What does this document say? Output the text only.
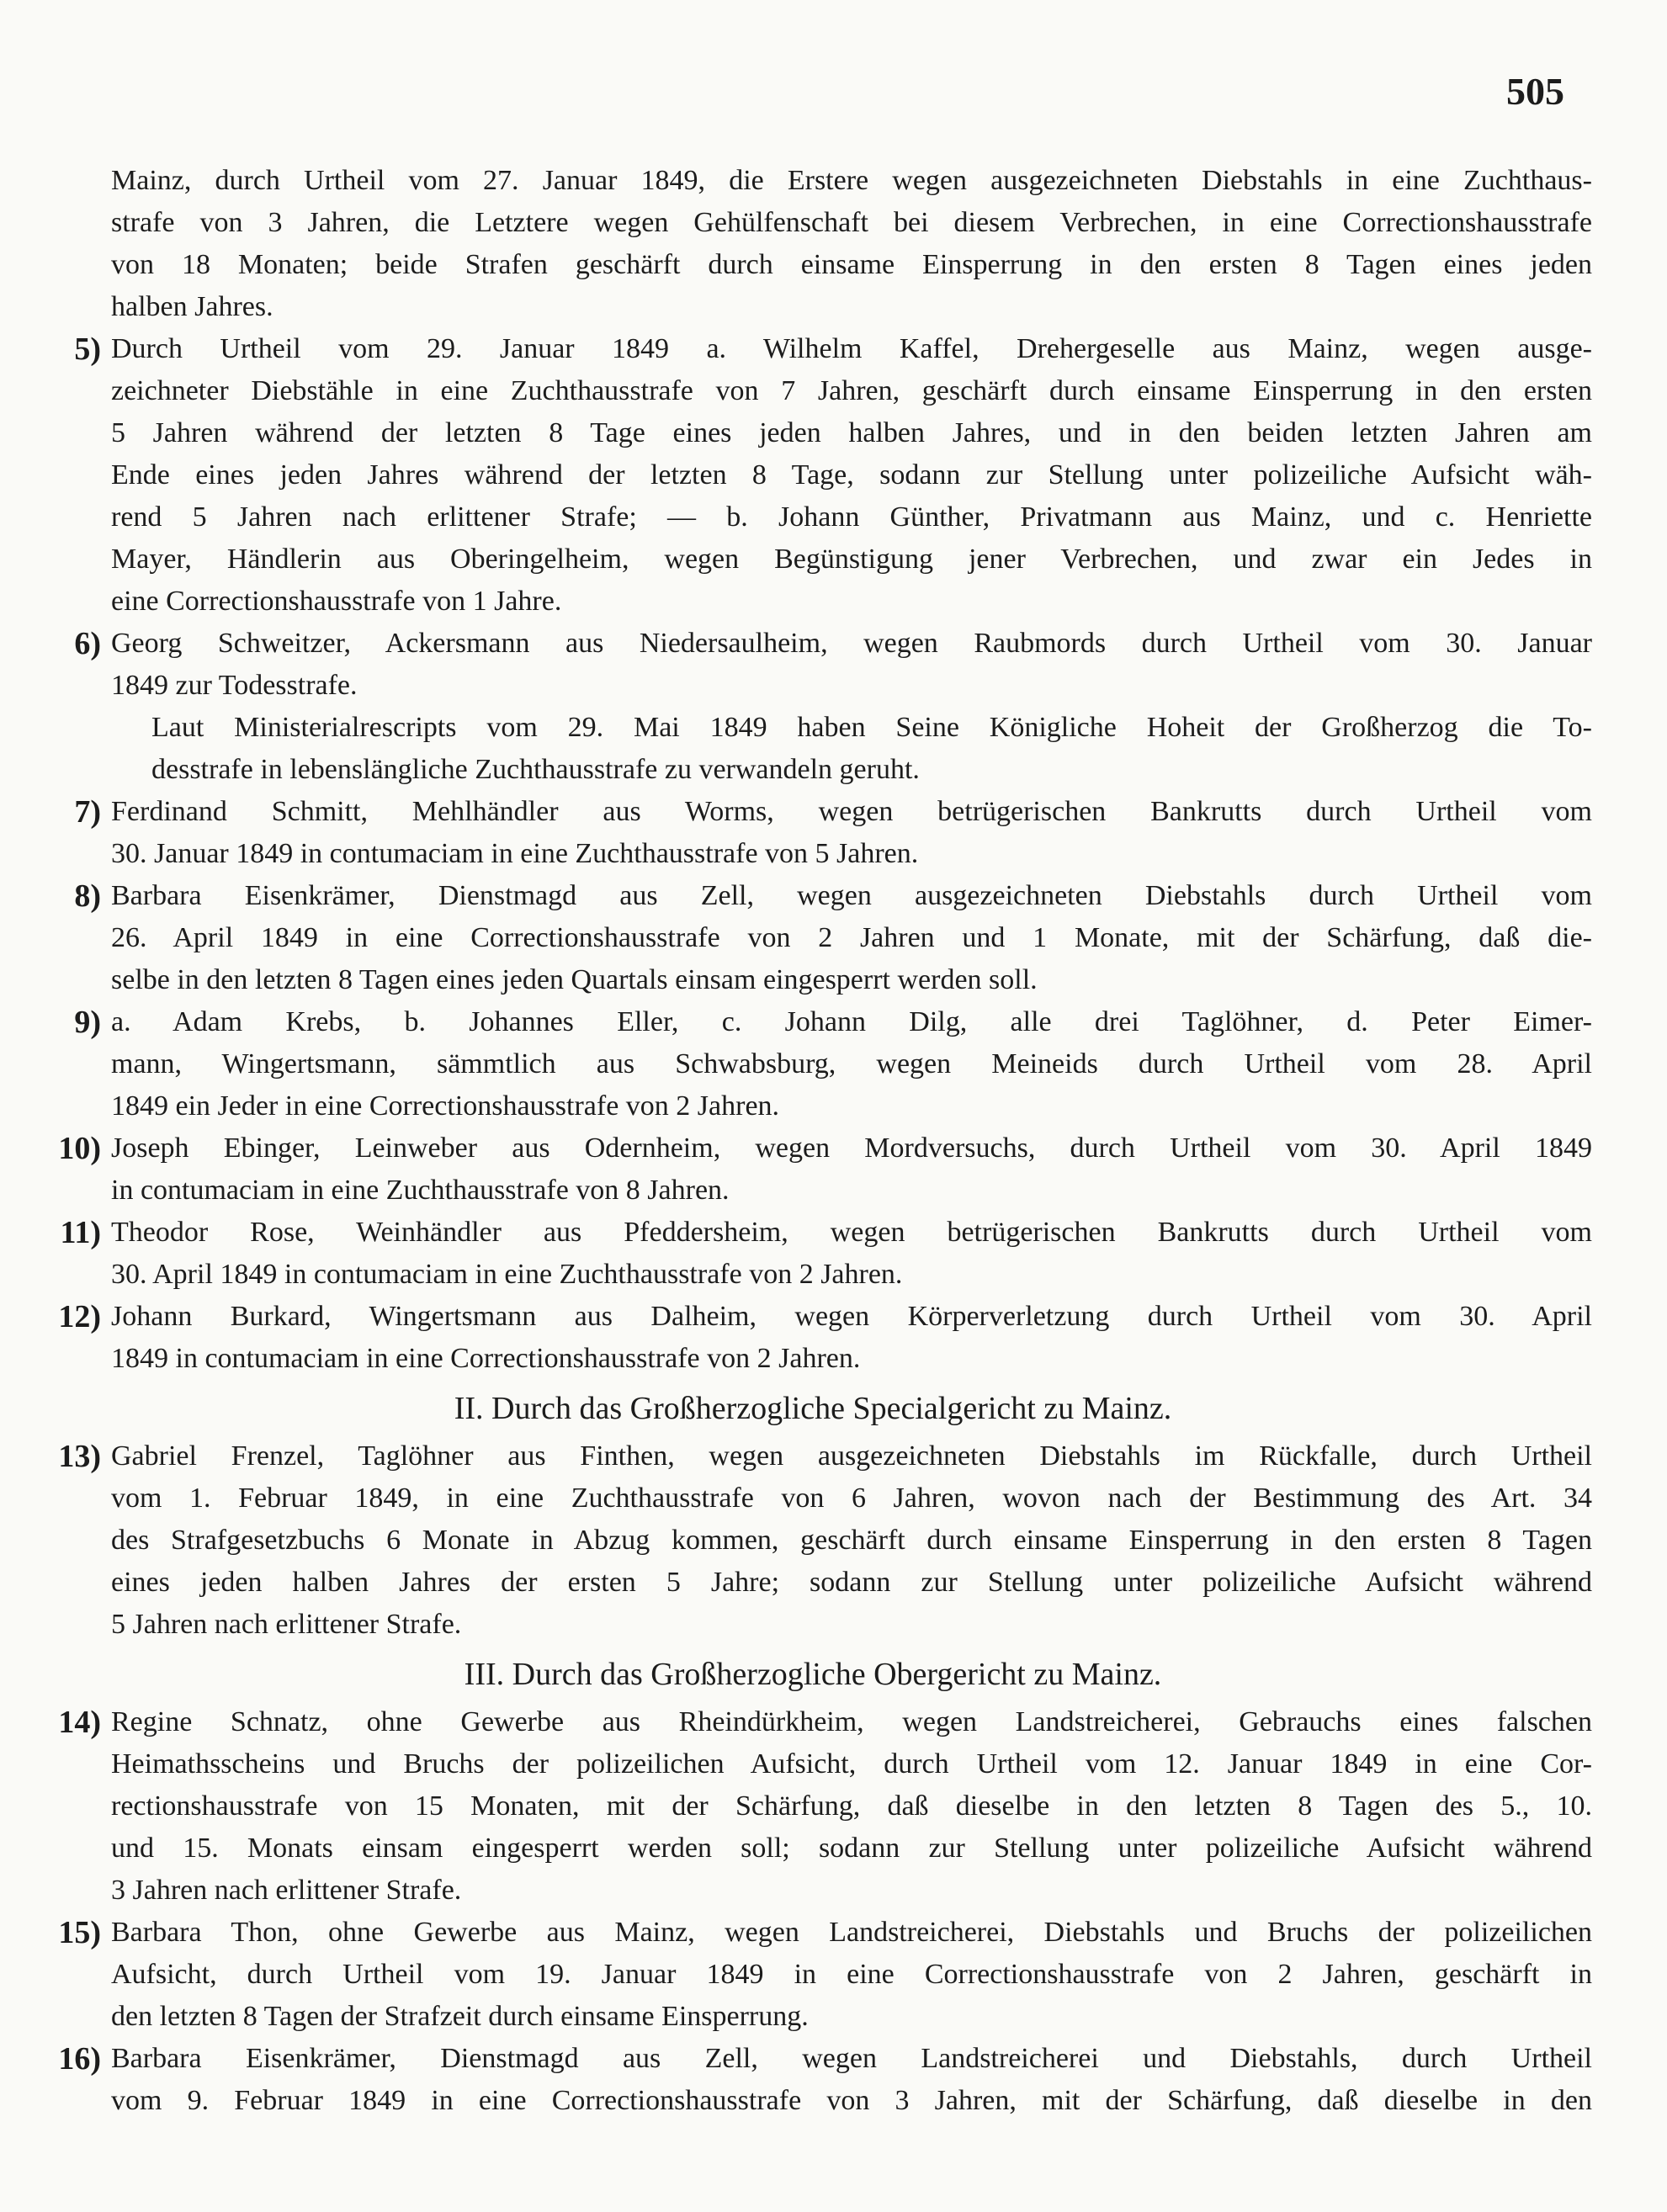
505
Mainz, durch Urtheil vom 27. Januar 1849, die Erstere wegen ausgezeichneten Diebstahls in eine Zuchthaus-
strafe von 3 Jahren, die Letztere wegen Gehülfenschaft bei diesem Verbrechen, in eine Correctionshausstrafe
von 18 Monaten; beide Strafen geschärft durch einsame Einsperrung in den ersten 8 Tagen eines jeden
halben Jahres.
5) Durch Urtheil vom 29. Januar 1849 a. Wilhelm Kaffel, Drehergeselle aus Mainz, wegen ausge-
zeichneter Diebstähle in eine Zuchthausstrafe von 7 Jahren, geschärft durch einsame Einsperrung in den ersten
5 Jahren während der letzten 8 Tage eines jeden halben Jahres, und in den beiden letzten Jahren am
Ende eines jeden Jahres während der letzten 8 Tage, sodann zur Stellung unter polizeiliche Aufsicht wäh-
rend 5 Jahren nach erlittener Strafe; — b. Johann Günther, Privatmann aus Mainz, und c. Henriette
Mayer, Händlerin aus Oberingelheim, wegen Begünstigung jener Verbrechen, und zwar ein Jedes in
eine Correctionshausstrafe von 1 Jahre.
6) Georg Schweitzer, Ackersmann aus Niedersaulheim, wegen Raubmords durch Urtheil vom 30. Januar
1849 zur Todesstrafe.
Laut Ministerialrescripts vom 29. Mai 1849 haben Seine Königliche Hoheit der Großherzog die To-
desstrafe in lebenslängliche Zuchthausstrafe zu verwandeln geruht.
7) Ferdinand Schmitt, Mehlhändler aus Worms, wegen betrügerischen Bankrutts durch Urtheil vom
30. Januar 1849 in contumaciam in eine Zuchthausstrafe von 5 Jahren.
8) Barbara Eisenkrämer, Dienstmagd aus Zell, wegen ausgezeichneten Diebstahls durch Urtheil vom
26. April 1849 in eine Correctionshausstrafe von 2 Jahren und 1 Monate, mit der Schärfung, daß die-
selbe in den letzten 8 Tagen eines jeden Quartals einsam eingesperrt werden soll.
9) a. Adam Krebs, b. Johannes Eller, c. Johann Dilg, alle drei Taglöhner, d. Peter Eimer-
mann, Wingertsmann, sämmtlich aus Schwabsburg, wegen Meineids durch Urtheil vom 28. April
1849 ein Jeder in eine Correctionshausstrafe von 2 Jahren.
10) Joseph Ebinger, Leinweber aus Odernheim, wegen Mordversuchs, durch Urtheil vom 30. April 1849
in contumaciam in eine Zuchthausstrafe von 8 Jahren.
11) Theodor Rose, Weinhändler aus Pfeddersheim, wegen betrügerischen Bankrutts durch Urtheil vom
30. April 1849 in contumaciam in eine Zuchthausstrafe von 2 Jahren.
12) Johann Burkard, Wingertsmann aus Dalheim, wegen Körperverletzung durch Urtheil vom 30. April
1849 in contumaciam in eine Correctionshausstrafe von 2 Jahren.
II. Durch das Großherzogliche Specialgericht zu Mainz.
13) Gabriel Frenzel, Taglöhner aus Finthen, wegen ausgezeichneten Diebstahls im Rückfalle, durch Urtheil
vom 1. Februar 1849, in eine Zuchthausstrafe von 6 Jahren, wovon nach der Bestimmung des Art. 34
des Strafgesetzbuchs 6 Monate in Abzug kommen, geschärft durch einsame Einsperrung in den ersten 8 Tagen
eines jeden halben Jahres der ersten 5 Jahre; sodann zur Stellung unter polizeiliche Aufsicht während
5 Jahren nach erlittener Strafe.
III. Durch das Großherzogliche Obergericht zu Mainz.
14) Regine Schnatz, ohne Gewerbe aus Rheindürkheim, wegen Landstreicherei, Gebrauchs eines falschen
Heimathsscheins und Bruchs der polizeilichen Aufsicht, durch Urtheil vom 12. Januar 1849 in eine Cor-
rectionshausstrafe von 15 Monaten, mit der Schärfung, daß dieselbe in den letzten 8 Tagen des 5., 10.
und 15. Monats einsam eingesperrt werden soll; sodann zur Stellung unter polizeiliche Aufsicht während
3 Jahren nach erlittener Strafe.
15) Barbara Thon, ohne Gewerbe aus Mainz, wegen Landstreicherei, Diebstahls und Bruchs der polizeilichen
Aufsicht, durch Urtheil vom 19. Januar 1849 in eine Correctionshausstrafe von 2 Jahren, geschärft in
den letzten 8 Tagen der Strafzeit durch einsame Einsperrung.
16) Barbara Eisenkrämer, Dienstmagd aus Zell, wegen Landstreicherei und Diebstahls, durch Urtheil
vom 9. Februar 1849 in eine Correctionshausstrafe von 3 Jahren, mit der Schärfung, daß dieselbe in den
